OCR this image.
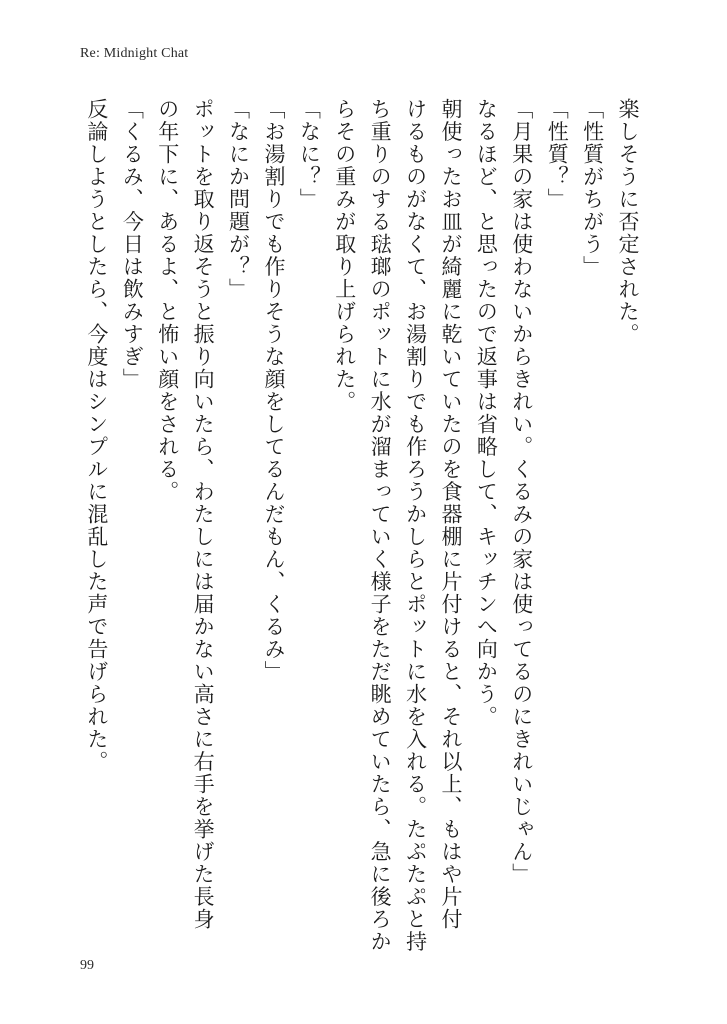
Re: Midnight Chat
楽しそうに否定された。
「性質がちがう」
「性質？」
「月果の家は使わないからきれい。くるみの家は使ってるのにきれいじゃん」
なるほど、と思ったので返事は省略して、キッチンへ向かう。
朝使ったお皿が綺麗に乾いていたのを食器棚に片付けると、それ以上、もはや片付
けるものがなくて、お湯割りでも作ろうかしらとポットに水を入れる。たぷたぷと持
ち重りのする琺瑯のポットに水が溜まっていく様子をただ眺めていたら、急に後ろか
らその重みが取り上げられた。
「なに？」
「お湯割りでも作りそうな顔をしてるんだもん、くるみ」
「なにか問題が？」
ポットを取り返そうと振り向いたら、わたしには届かない高さに右手を挙げた長身
の年下に、あるよ、と怖い顔をされる。
「くるみ、今日は飲みすぎ」
反論しようとしたら、今度はシンプルに混乱した声で告げられた。
99
